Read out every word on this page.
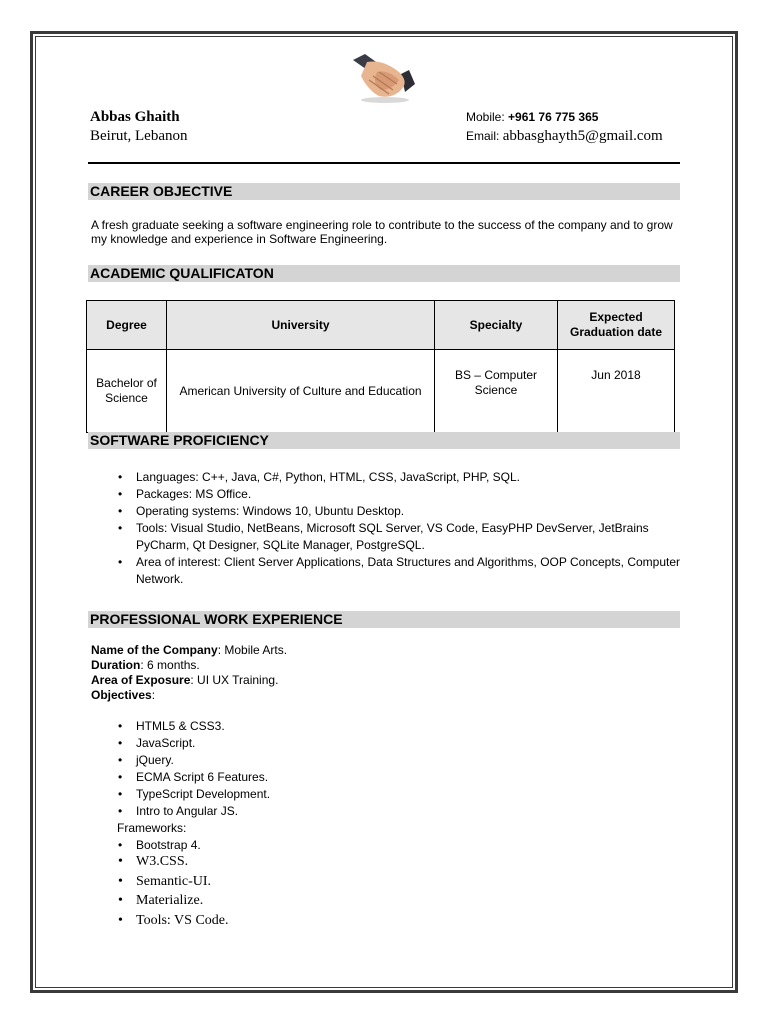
Abbas Ghaith
Beirut, Lebanon
Mobile: +961 76 775 365
Email: abbasghayth5@gmail.com
CAREER OBJECTIVE
A fresh graduate seeking a software engineering role to contribute to the success of the company and to grow my knowledge and experience in Software Engineering.
ACADEMIC QUALIFICATON
Degree	University	Specialty	Expected Graduation date
Bachelor of Science	American University of Culture and Education	BS – Computer Science	Jun 2018
SOFTWARE PROFICIENCY
• Languages: C++, Java, C#, Python, HTML, CSS, JavaScript, PHP, SQL.
• Packages: MS Office.
• Operating systems: Windows 10, Ubuntu Desktop.
• Tools: Visual Studio, NetBeans, Microsoft SQL Server, VS Code, EasyPHP DevServer, JetBrains PyCharm, Qt Designer, SQLite Manager, PostgreSQL.
• Area of interest: Client Server Applications, Data Structures and Algorithms, OOP Concepts, Computer Network.
PROFESSIONAL WORK EXPERIENCE
Name of the Company: Mobile Arts.
Duration: 6 months.
Area of Exposure: UI UX Training.
Objectives:
• HTML5 & CSS3.
• JavaScript.
• jQuery.
• ECMA Script 6 Features.
• TypeScript Development.
• Intro to Angular JS.
Frameworks:
• Bootstrap 4.
• W3.CSS.
• Semantic-UI.
• Materialize.
• Tools: VS Code.
